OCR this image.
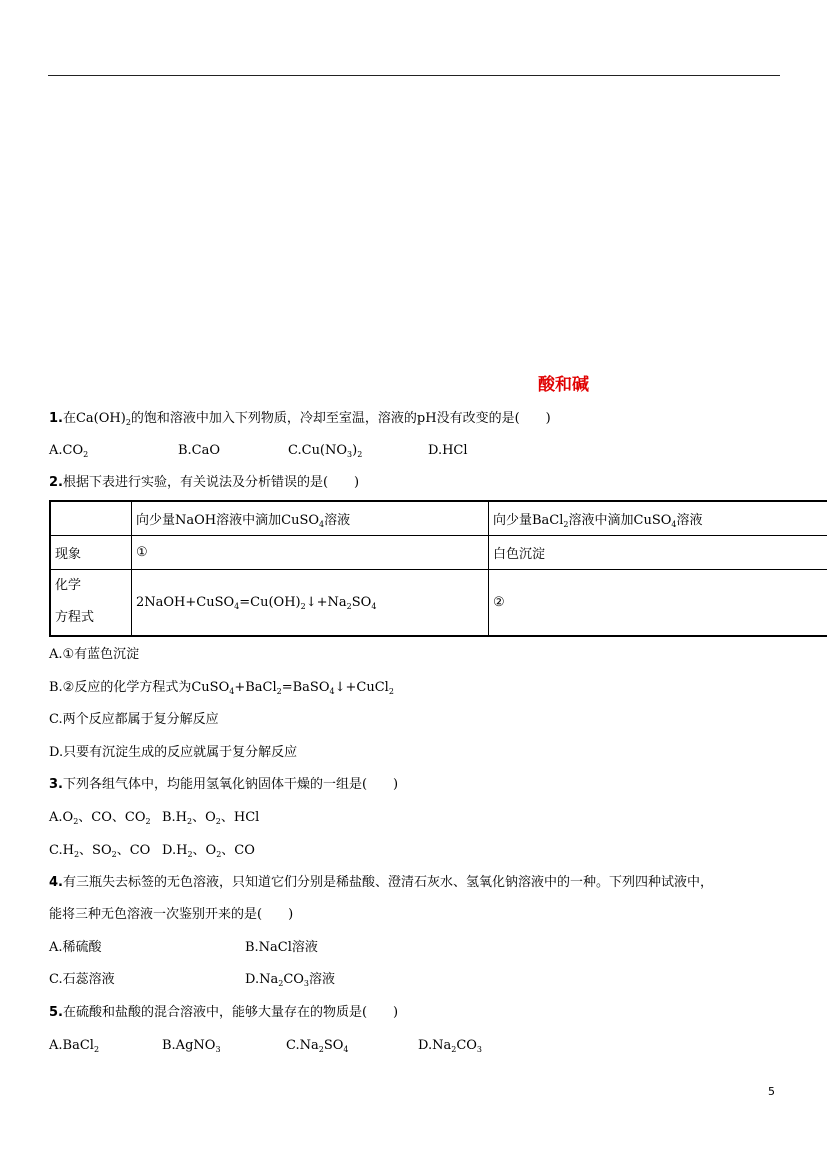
酸和碱
1.在$Ca(OH)_2$的饱和溶液中加入下列物质，冷却至室温，溶液的pH没有改变的是(　　)
$A.CO_2$	B.CaO	$C.Cu(NO_3)_2$	D.HCl
2.根据下表进行实验，有关说法及分析错误的是(　　)
	向少量NaOH溶液中滴加CuSO$_4$溶液	向少量BaCl$_2$溶液中滴加CuSO$_4$溶液
现象	①	白色沉淀
化学
方程式	$2NaOH+CuSO_4=Cu(OH)_2↓+Na_2SO_4$	②
A.①有蓝色沉淀
B.②反应的化学方程式为CuSO$_4$+BaCl$_2$=BaSO$_4$↓+CuCl$_2$
C.两个反应都属于复分解反应
D.只要有沉淀生成的反应就属于复分解反应
3.下列各组气体中，均能用氢氧化钠固体干燥的一组是(　　)
$A.O_2$、CO、$CO_2$ $B.H_2$、$O_2$、HCl
$C.H_2$、$SO_2$、CO $D.H_2$、$O_2$、CO
4.有三瓶失去标签的无色溶液，只知道它们分别是稀盐酸、澄清石灰水、氢氧化钠溶液中的一种。下列四种试液中，
能将三种无色溶液一次鉴别开来的是(　　)
A.稀硫酸	B.NaCl溶液
C.石蕊溶液	$D.Na_2CO_3$溶液
5.在硫酸和盐酸的混合溶液中，能够大量存在的物质是(　　)
A.BaCl$_2$	B.AgNO$_3$	$C.Na_2SO_4$	$D.Na_2CO_3$
5
